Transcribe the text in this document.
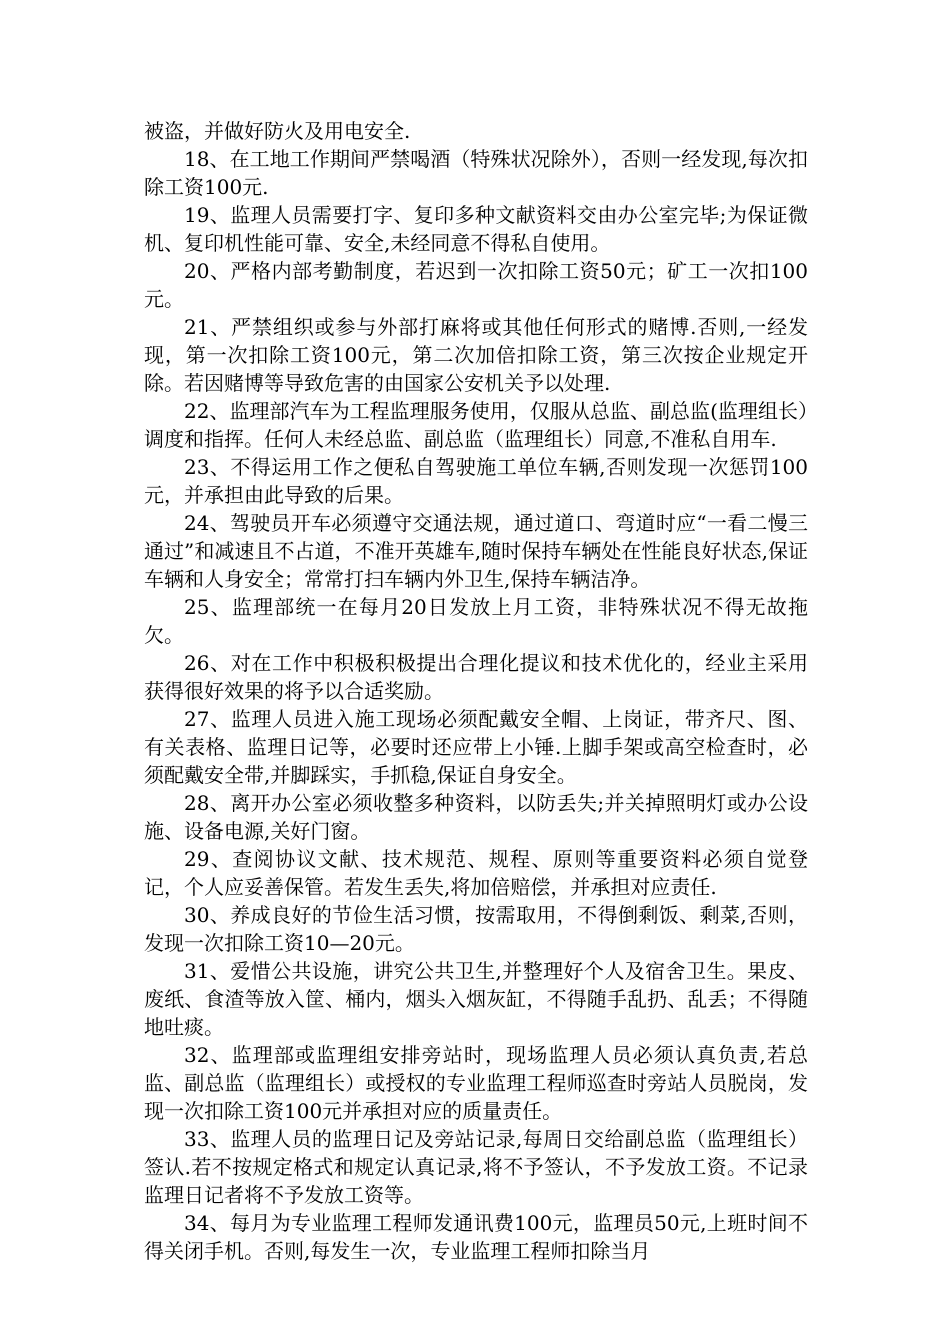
被盗，并做好防火及用电安全.

18、在工地工作期间严禁喝酒（特殊状况除外），否则一经发现,每次扣除工资100元.

19、监理人员需要打字、复印多种文献资料交由办公室完毕;为保证微机、复印机性能可靠、安全,未经同意不得私自使用。

20、严格内部考勤制度，若迟到一次扣除工资50元；矿工一次扣100元。

21、严禁组织或参与外部打麻将或其他任何形式的赌博.否则,一经发现，第一次扣除工资100元，第二次加倍扣除工资，第三次按企业规定开除。若因赌博等导致危害的由国家公安机关予以处理.

22、监理部汽车为工程监理服务使用，仅服从总监、副总监(监理组长）调度和指挥。任何人未经总监、副总监（监理组长）同意,不准私自用车.

23、不得运用工作之便私自驾驶施工单位车辆,否则发现一次惩罚100元，并承担由此导致的后果。

24、驾驶员开车必须遵守交通法规，通过道口、弯道时应“一看二慢三通过”和减速且不占道，不准开英雄车,随时保持车辆处在性能良好状态,保证车辆和人身安全；常常打扫车辆内外卫生,保持车辆洁净。

25、监理部统一在每月20日发放上月工资，非特殊状况不得无故拖欠。

26、对在工作中积极积极提出合理化提议和技术优化的，经业主采用获得很好效果的将予以合适奖励。

27、监理人员进入施工现场必须配戴安全帽、上岗证，带齐尺、图、有关表格、监理日记等，必要时还应带上小锤.上脚手架或高空检查时，必须配戴安全带,并脚踩实，手抓稳,保证自身安全。

28、离开办公室必须收整多种资料，以防丢失;并关掉照明灯或办公设施、设备电源,关好门窗。

29、查阅协议文献、技术规范、规程、原则等重要资料必须自觉登记，个人应妥善保管。若发生丢失,将加倍赔偿，并承担对应责任.

30、养成良好的节俭生活习惯，按需取用，不得倒剩饭、剩菜,否则，发现一次扣除工资10—20元。

31、爱惜公共设施，讲究公共卫生,并整理好个人及宿舍卫生。果皮、废纸、食渣等放入筐、桶内，烟头入烟灰缸，不得随手乱扔、乱丢；不得随地吐痰。

32、监理部或监理组安排旁站时，现场监理人员必须认真负责,若总监、副总监（监理组长）或授权的专业监理工程师巡查时旁站人员脱岗，发现一次扣除工资100元并承担对应的质量责任。

33、监理人员的监理日记及旁站记录,每周日交给副总监（监理组长）签认.若不按规定格式和规定认真记录,将不予签认，不予发放工资。不记录监理日记者将不予发放工资等。

34、每月为专业监理工程师发通讯费100元，监理员50元,上班时间不得关闭手机。否则,每发生一次，专业监理工程师扣除当月
